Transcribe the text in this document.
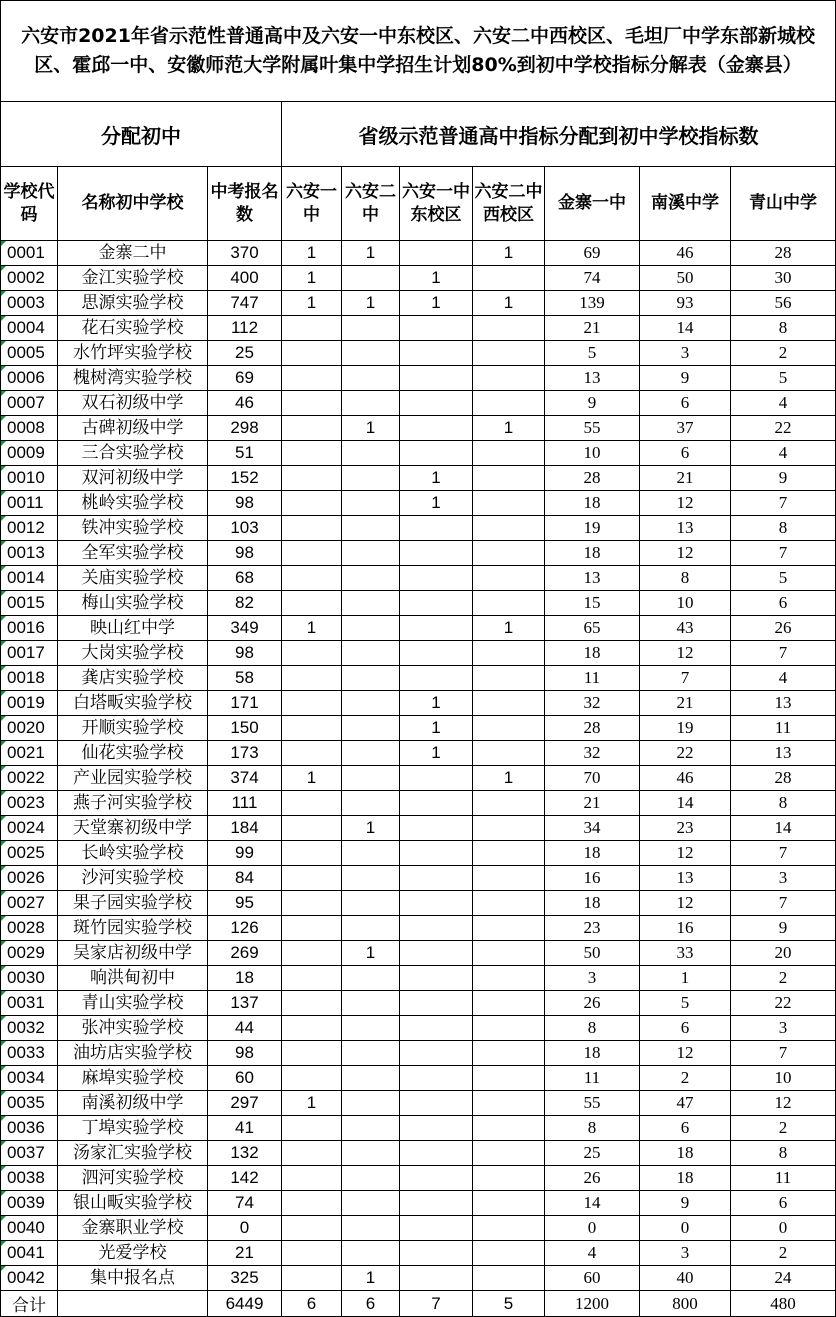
六安市2021年省示范性普通高中及六安一中东校区、六安二中西校区、毛坦厂中学东部新城校区、霍邱一中、安徽师范大学附属叶集中学招生计划80%到初中学校指标分解表（金寨县）									
分配初中			省级示范普通高中指标分配到初中学校指标数						
学校代码	名称初中学校	中考报名数	六安一中	六安二中	六安一中东校区	六安二中西校区	金寨一中	南溪中学	青山中学
0001	金寨二中	370	1	1		1	69	46	28
0002	金江实验学校	400	1		1		74	50	30
0003	思源实验学校	747	1	1	1	1	139	93	56
0004	花石实验学校	112					21	14	8
0005	水竹坪实验学校	25					5	3	2
0006	槐树湾实验学校	69					13	9	5
0007	双石初级中学	46					9	6	4
0008	古碑初级中学	298		1		1	55	37	22
0009	三合实验学校	51					10	6	4
0010	双河初级中学	152			1		28	21	9
0011	桃岭实验学校	98			1		18	12	7
0012	铁冲实验学校	103					19	13	8
0013	全军实验学校	98					18	12	7
0014	关庙实验学校	68					13	8	5
0015	梅山实验学校	82					15	10	6
0016	映山红中学	349	1			1	65	43	26
0017	大岗实验学校	98					18	12	7
0018	龚店实验学校	58					11	7	4
0019	白塔畈实验学校	171			1		32	21	13
0020	开顺实验学校	150			1		28	19	11
0021	仙花实验学校	173			1		32	22	13
0022	产业园实验学校	374	1			1	70	46	28
0023	燕子河实验学校	111					21	14	8
0024	天堂寨初级中学	184		1			34	23	14
0025	长岭实验学校	99					18	12	7
0026	沙河实验学校	84					16	13	3
0027	果子园实验学校	95					18	12	7
0028	斑竹园实验学校	126					23	16	9
0029	吴家店初级中学	269		1			50	33	20
0030	响洪甸初中	18					3	1	2
0031	青山实验学校	137					26	5	22
0032	张冲实验学校	44					8	6	3
0033	油坊店实验学校	98					18	12	7
0034	麻埠实验学校	60					11	2	10
0035	南溪初级中学	297	1				55	47	12
0036	丁埠实验学校	41					8	6	2
0037	汤家汇实验学校	132					25	18	8
0038	泗河实验学校	142					26	18	11
0039	银山畈实验学校	74					14	9	6
0040	金寨职业学校	0					0	0	0
0041	光爱学校	21					4	3	2
0042	集中报名点	325		1			60	40	24
合计		6449	6	6	7	5	1200	800	480
